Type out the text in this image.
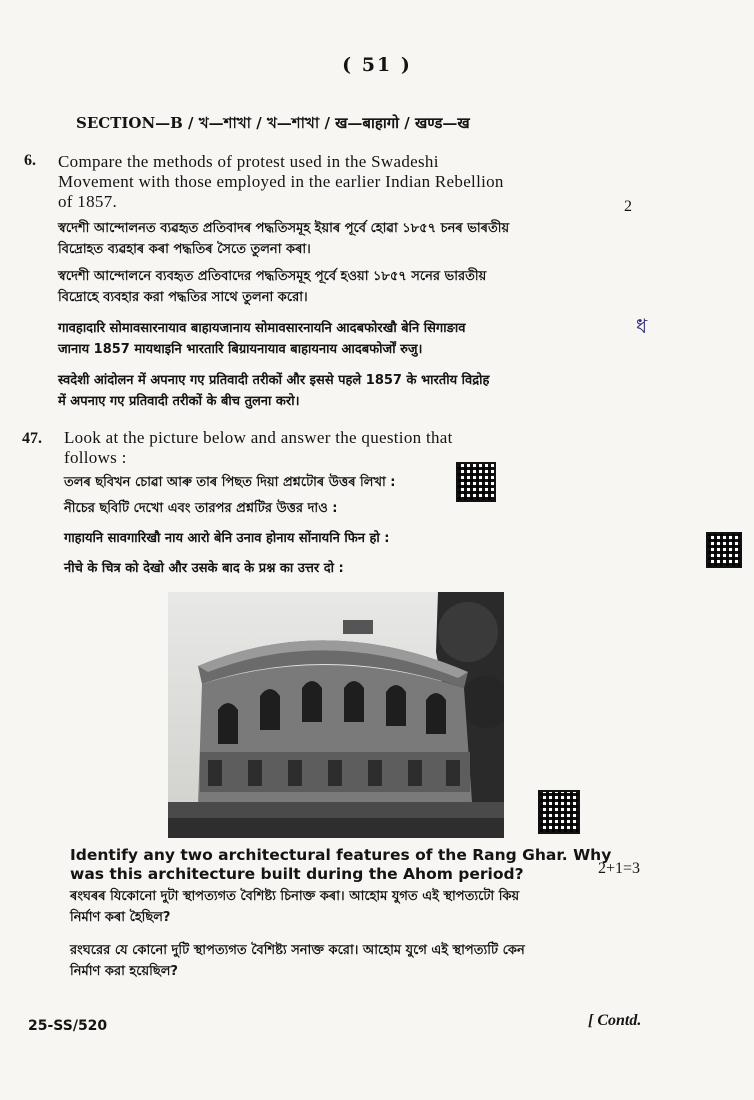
( 51 )
SECTION—B / খ—শাখা / খ—শাখা / ख—बाहागो / खण्ड—ख
6. Compare the methods of protest used in the Swadeshi
Movement with those employed in the earlier Indian Rebellion
of 1857.	2
স্বদেশী আন্দোলনত ব্যৱহৃত প্ৰতিবাদৰ পদ্ধতিসমূহ ইয়াৰ পূৰ্বে হোৱা ১৮৫৭ চনৰ ভাৰতীয়
বিদ্ৰোহত ব্যৱহাৰ কৰা পদ্ধতিৰ সৈতে তুলনা কৰা।
স্বদেশী আন্দোলনে ব্যবহৃত প্রতিবাদের পদ্ধতিসমূহ পূর্বে হওয়া ১৮৫৭ সনের ভারতীয়
বিদ্রোহে ব্যবহার করা পদ্ধতির সাথে তুলনা করো।
गावहादारि सोमावसारनायाव बाहायजानाय सोमावसारनायनि आदबफोरखौ बेनि सिगाङाव
जानाय 1857 मायथाइनि भारतारि बिग्रायनायाव बाहायनाय आदबफोर्जों रुजु।
ধ
स्वदेशी आंदोलन में अपनाए गए प्रतिवादी तरीकों और इससे पहले 1857 के भारतीय विद्रोह
में अपनाए गए प्रतिवादी तरीकों के बीच तुलना करो।
47. Look at the picture below and answer the question that
follows :
তলৰ ছবিখন চোৱা আৰু তাৰ পিছত দিয়া প্ৰশ্নটোৰ উত্তৰ লিখা :
নীচের ছবিটি দেখো এবং তারপর প্রশ্নটির উত্তর দাও :
गाहायनि सावगारिखौ नाय आरो बेनि उनाव होनाय सोंनायनि फिन हो :
नीचे के चित्र को देखो और उसके बाद के प्रश्न का उत्तर दो :
Identify any two architectural features of the Rang Ghar. Why
was this architecture built during the Ahom period?	2+1=3
ৰংঘৰৰ যিকোনো দুটা স্থাপত্যগত বৈশিষ্ট্য চিনাক্ত কৰা। আহোম যুগত এই স্থাপত্যটো কিয়
নিৰ্মাণ কৰা হৈছিল?
রংঘরের যে কোনো দুটি স্থাপত্যগত বৈশিষ্ট্য সনাক্ত করো। আহোম যুগে এই স্থাপত্যটি কেন
নির্মাণ করা হয়েছিল?
25-SS/520	[ Contd.
